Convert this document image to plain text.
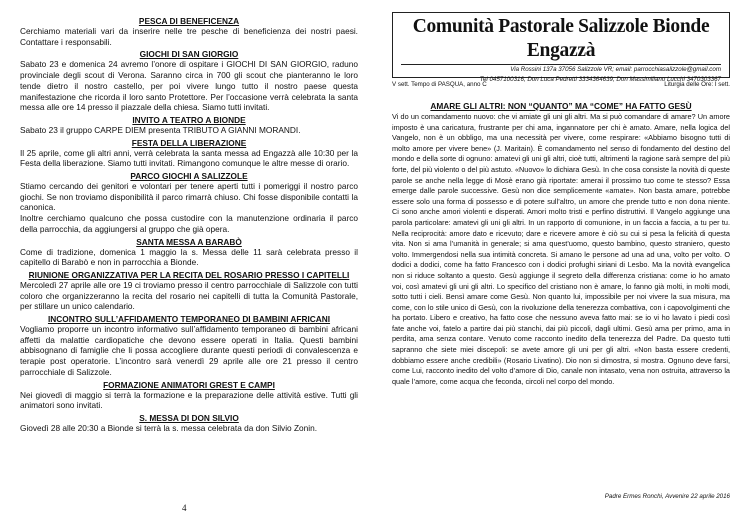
PESCA DI BENEFICENZA
Cerchiamo materiali vari da inserire nelle tre pesche di beneficienza dei nostri paesi. Contattare i responsabili.
GIOCHI DI SAN GIORGIO
Sabato 23 e domenica 24 avremo l’onore di ospitare i GIOCHI DI SAN GIORGIO, raduno provinciale degli scout di Verona. Saranno circa in 700 gli scout che pianteranno le loro tende dietro il nostro castello, per poi vivere lungo tutto il nostro paese questa manifestazione che ricorda il loro santo Protettore. Per l’occasione verrà celebrata la santa messa alle ore 14 presso il piazzale della chiesa. Siamo tutti invitati.
INVITO A TEATRO A BIONDE
Sabato 23 il gruppo CARPE DIEM presenta TRIBUTO A GIANNI MORANDI.
FESTA DELLA LIBERAZIONE
Il 25 aprile, come gli altri anni, verrà celebrata la santa messa ad Engazzà alle 10:30 per la Festa della liberazione. Siamo tutti invitati. Rimangono comunque le altre messe di orario.
PARCO GIOCHI A SALIZZOLE
Stiamo cercando dei genitori e volontari per tenere aperti tutti i pomeriggi il nostro parco giochi. Se non troviamo disponibilità il parco rimarrà chiuso. Chi fosse disponibile contatti la canonica.
Inoltre cerchiamo qualcuno che possa custodire con la manutenzione ordinaria il parco della parrocchia, da aggiungersi al gruppo che già opera.
SANTA MESSA A BARABÒ
Come di tradizione, domenica 1 maggio la s. Messa delle 11 sarà celebrata presso il capitello di Barabò e non in parrocchia a Bionde.
RIUNIONE ORGANIZZATIVA PER LA RECITA DEL ROSARIO PRESSO I CAPITELLI
Mercoledì 27 aprile alle ore 19 ci troviamo presso il centro parrocchiale di Salizzole con tutti coloro che organizzeranno la recita del rosario nei capitelli di tutta la Comunità Pastorale, per stillare un unico calendario.
INCONTRO SULL’AFFIDAMENTO TEMPORANEO DI BAMBINI AFRICANI
Vogliamo proporre un incontro informativo sull’affidamento temporaneo di bambini africani affetti da malattie cardiopatiche che devono essere operati in Italia. Questi bambini abbisognano di famiglie che li possa accogliere durante questi periodi di convalescenza e terapie post operatorie. L’incontro sarà venerdì 29 aprile alle ore 21 presso il centro parrocchiale di Salizzole.
FORMAZIONE ANIMATORI GREST E CAMPI
Nei giovedì di maggio si terrà la formazione e la preparazione delle attività estive. Tutti gli animatori sono invitati.
S. MESSA DI DON SILVIO
Giovedì 28 alle 20:30 a Bionde si terrà la s. messa celebrata da don Silvio Zonin.
4
Comunità Pastorale Salizzole Bionde Engazzà
Via Rossini 137a 37056 Salizzole VR; email: parrocchiasalizzole@gmail.com
Tel 0457100316, Don Luca Pedretti 3334364639, Don Massimiliano Lucchi 3470303367
V sett. Tempo di PASQUA, anno C	Liturgia delle Ore: I sett.
AMARE GLI ALTRI: NON “QUANTO” MA “COME” HA FATTO GESÙ
Vi do un comandamento nuovo: che vi amiate gli uni gli altri. Ma si può comandare di amare? Un amore imposto è una caricatura, frustrante per chi ama, ingannatore per chi è amato. Amare, nella logica del Vangelo, non è un obbligo, ma una necessità per vivere, come respirare: «Abbiamo bisogno tutti di molto amore per vivere bene» (J. Maritain). È comandamento nel senso di fondamento del destino del mondo e della sorte di ognuno: amatevi gli uni gli altri, cioè tutti, altrimenti la ragione sarà sempre del più forte, del più violento o del più astuto. «Nuovo» lo dichiara Gesù. In che cosa consiste la novità di queste parole se anche nella legge di Mosè erano già riportate: amerai il prossimo tuo come te stesso? Essa emerge dalle parole successive. Gesù non dice semplicemente «amate». Non basta amare, potrebbe essere solo una forma di possesso e di potere sull’altro, un amore che prende tutto e non dona niente. Ci sono anche amori violenti e disperati. Amori molto tristi e perfino distruttivi. Il Vangelo aggiunge una parola particolare: amatevi gli uni gli altri. In un rapporto di comunione, in un faccia a faccia, a tu per tu. Nella reciprocità: amore dato e ricevuto; dare e ricevere amore è ciò su cui si pesa la felicità di questa vita. Non si ama l’umanità in generale; si ama quest’uomo, questo bambino, questo straniero, questo volto. Immergendosi nella sua intimità concreta. Si amano le persone ad una ad una, volto per volto. O dodici a dodici, come ha fatto Francesco con i dodici profughi siriani di Lesbo. Ma la novità evangelica non si riduce soltanto a questo. Gesù aggiunge il segreto della differenza cristiana: come io ho amato voi, così amatevi gli uni gli altri. Lo specifico del cristiano non è amare, lo fanno già molti, in molti modi, sotto tutti i cieli. Bensì amare come Gesù. Non quanto lui, impossibile per noi vivere la sua misura, ma come, con lo stile unico di Gesù, con la rivoluzione della tenerezza combattiva, con i capovolgimenti che ha portato. Libero e creativo, ha fatto cose che nessuno aveva fatto mai: se io vi ho lavato i piedi così fate anche voi, fatelo a partire dai più stanchi, dai più piccoli, dagli ultimi. Gesù ama per primo, ama in perdita, ama senza contare. Venuto come racconto inedito della tenerezza del Padre. Da questo tutti sapranno che siete miei discepoli: se avete amore gli uni per gli altri. «Non basta essere credenti, dobbiamo essere anche credibili» (Rosario Livatino). Dio non si dimostra, si mostra. Ognuno deve farsi, come Lui, racconto inedito del volto d’amore di Dio, canale non intasato, vena non ostruita, attraverso la quale l’amore, come acqua che feconda, circoli nel corpo del mondo.
Padre Ermes Ronchi, Avvenire 22 aprile 2016
